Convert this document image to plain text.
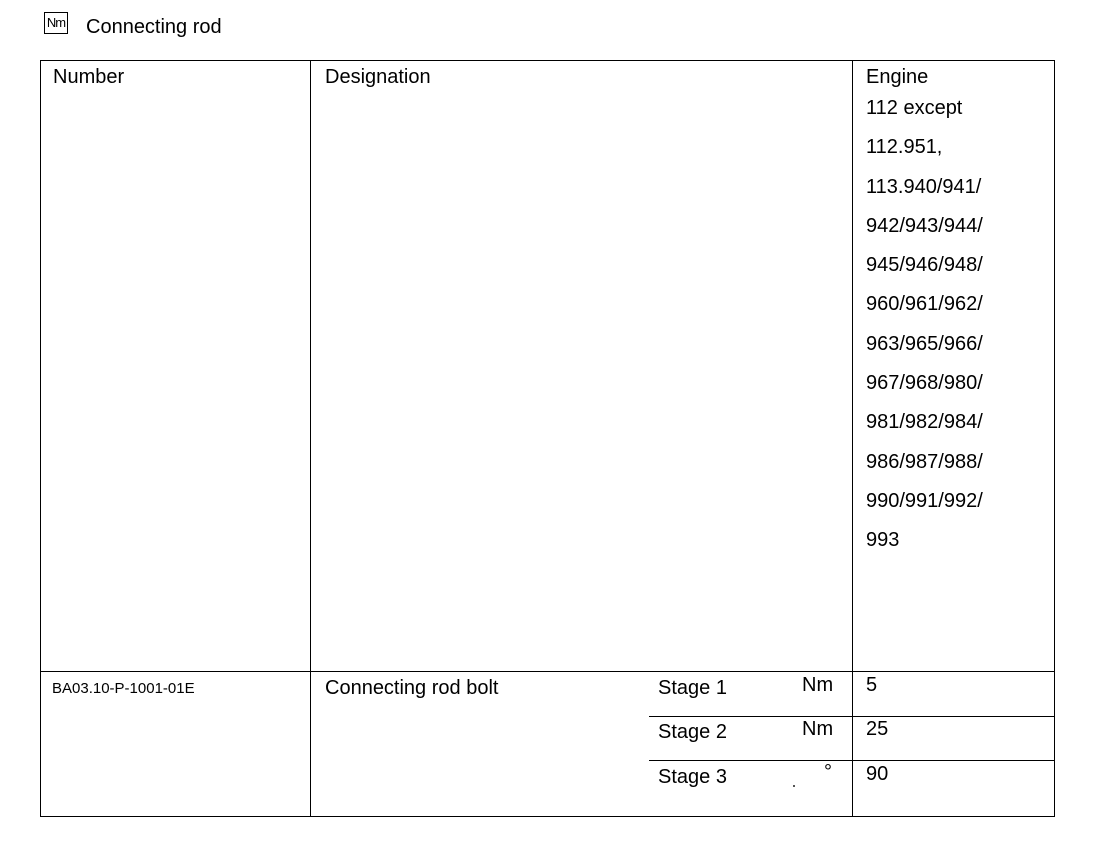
Nm Connecting rod
Number	Designation	Engine
112 except
112.951,
113.940/941/
942/943/944/
945/946/948/
960/961/962/
963/965/966/
967/968/980/
981/982/984/
986/987/988/
990/991/992/
993
BA03.10-P-1001-01E	Connecting rod bolt	Stage 1	Nm 5
Stage 2	Nm 25
Stage 3	° 90
